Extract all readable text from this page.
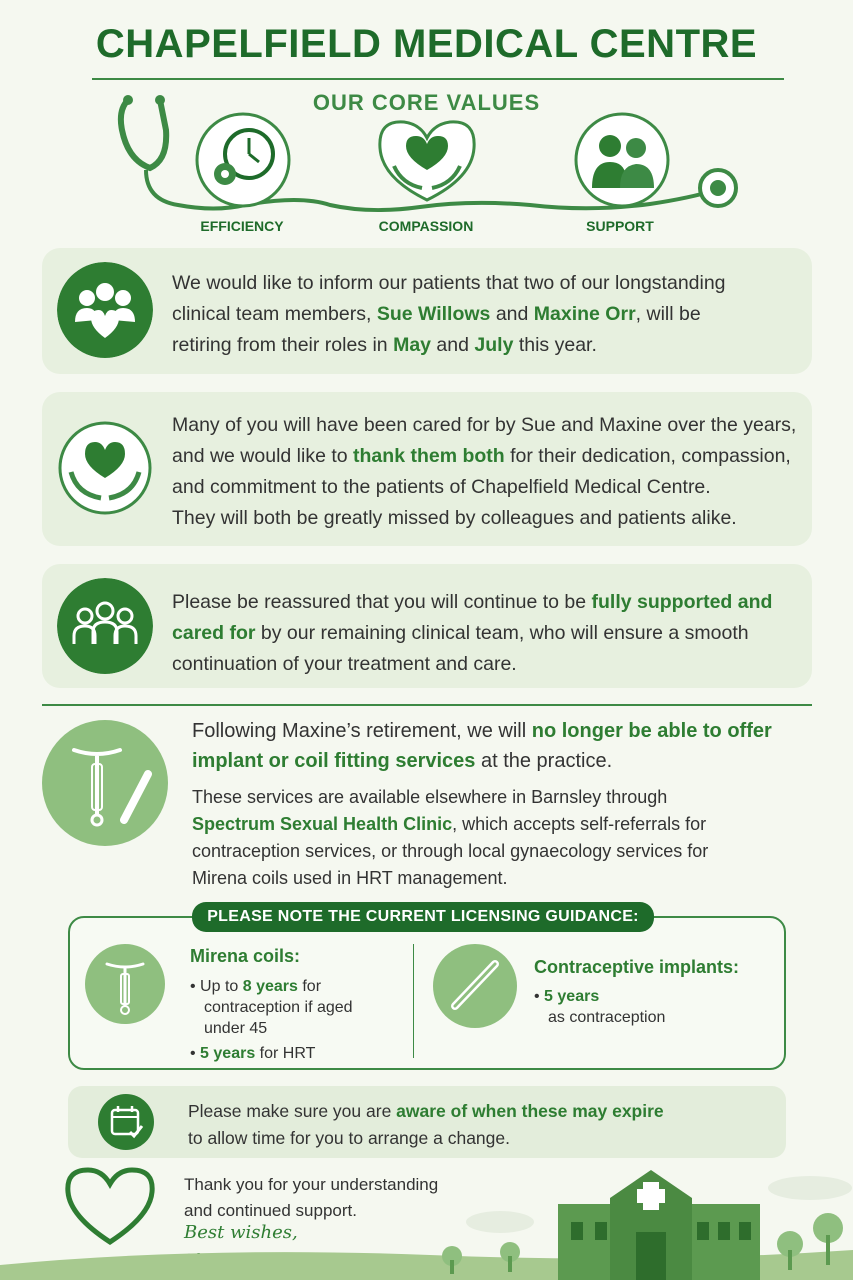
CHAPELFIELD MEDICAL CENTRE
OUR CORE VALUES
EFFICIENCY	COMPASSION	SUPPORT
We would like to inform our patients that two of our longstanding
clinical team members, Sue Willows and Maxine Orr, will be
retiring from their roles in May and July this year.
Many of you will have been cared for by Sue and Maxine over the years,
and we would like to thank them both for their dedication, compassion,
and commitment to the patients of Chapelfield Medical Centre.
They will both be greatly missed by colleagues and patients alike.
Please be reassured that you will continue to be fully supported and
cared for by our remaining clinical team, who will ensure a smooth
continuation of your treatment and care.
Following Maxine’s retirement, we will no longer be able to offer
implant or coil fitting services at the practice.
These services are available elsewhere in Barnsley through
Spectrum Sexual Health Clinic, which accepts self-referrals for
contraception services, or through local gynaecology services for
Mirena coils used in HRT management.
PLEASE NOTE THE CURRENT LICENSING GUIDANCE:
Mirena coils:
• Up to 8 years for
contraception if aged
under 45
• 5 years for HRT
Contraceptive implants:
• 5 years
as contraception
Please make sure you are aware of when these may expire
to allow time for you to arrange a change.
Thank you for your understanding
and continued support.
Best wishes,
